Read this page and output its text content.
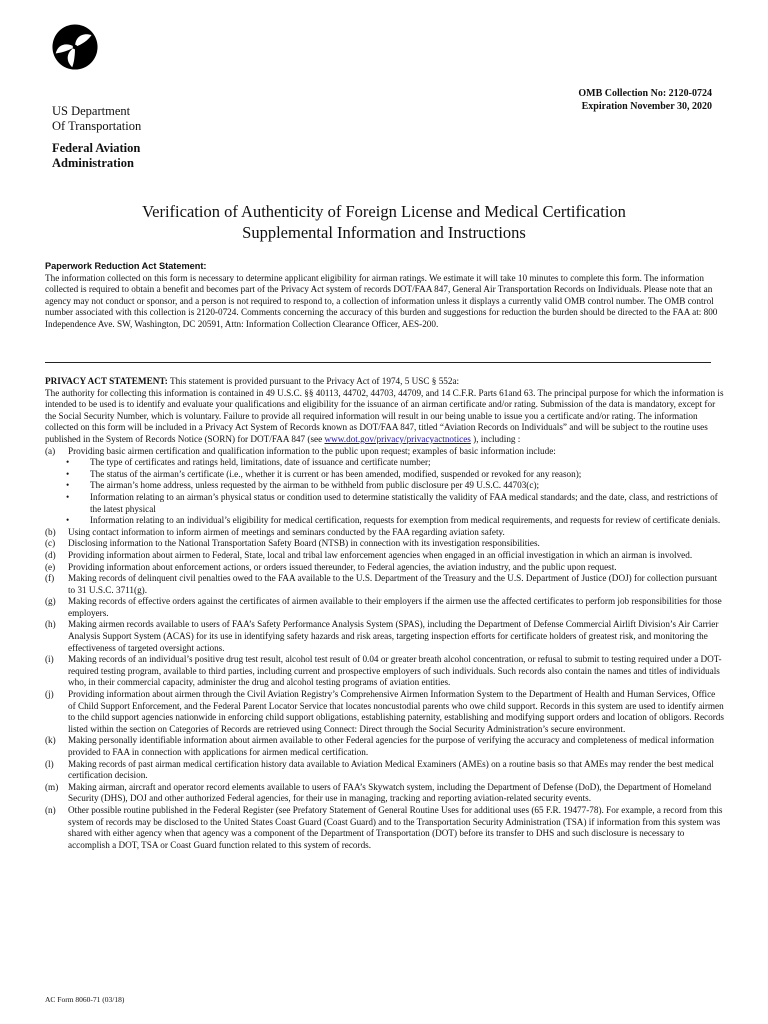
US Department
Of Transportation
Federal Aviation
Administration
OMB Collection No: 2120-0724
Expiration November 30, 2020
Verification of Authenticity of Foreign License and Medical Certification
Supplemental Information and Instructions
Paperwork Reduction Act Statement:
The information collected on this form is necessary to determine applicant eligibility for airman ratings. We estimate it will take 10 minutes to complete this form. The information collected is required to obtain a benefit and becomes part of the Privacy Act system of records DOT/FAA 847, General Air Transportation Records on Individuals. Please note that an agency may not conduct or sponsor, and a person is not required to respond to, a collection of information unless it displays a currently valid OMB control number. The OMB control number associated with this collection is 2120-0724. Comments concerning the accuracy of this burden and suggestions for reduction the burden should be directed to the FAA at: 800 Independence Ave. SW, Washington, DC 20591, Attn: Information Collection Clearance Officer, AES-200.
PRIVACY ACT STATEMENT: This statement is provided pursuant to the Privacy Act of 1974, 5 USC § 552a:
The authority for collecting this information is contained in 49 U.S.C. §§ 40113, 44702, 44703, 44709, and 14 C.F.R. Parts 61and 63. The principal purpose for which the information is intended to be used is to identify and evaluate your qualifications and eligibility for the issuance of an airman certificate and/or rating. Submission of the data is mandatory, except for the Social Security Number, which is voluntary. Failure to provide all required information will result in our being unable to issue you a certificate and/or rating. The information collected on this form will be included in a Privacy Act System of Records known as DOT/FAA 847, titled “Aviation Records on Individuals” and will be subject to the routine uses published in the System of Records Notice (SORN) for DOT/FAA 847 (see www.dot.gov/privacy/privacyactnotices ), including :
(a) Providing basic airmen certification and qualification information to the public upon request; examples of basic information include:
• The type of certificates and ratings held, limitations, date of issuance and certificate number;
• The status of the airman’s certificate (i.e., whether it is current or has been amended, modified, suspended or revoked for any reason);
• The airman’s home address, unless requested by the airman to be withheld from public disclosure per 49 U.S.C. 44703(c);
• Information relating to an airman’s physical status or condition used to determine statistically the validity of FAA medical standards; and the date, class, and restrictions of the latest physical
• Information relating to an individual’s eligibility for medical certification, requests for exemption from medical requirements, and requests for review of certificate denials.
(b) Using contact information to inform airmen of meetings and seminars conducted by the FAA regarding aviation safety.
(c) Disclosing information to the National Transportation Safety Board (NTSB) in connection with its investigation responsibilities.
(d) Providing information about airmen to Federal, State, local and tribal law enforcement agencies when engaged in an official investigation in which an airman is involved.
(e) Providing information about enforcement actions, or orders issued thereunder, to Federal agencies, the aviation industry, and the public upon request.
(f) Making records of delinquent civil penalties owed to the FAA available to the U.S. Department of the Treasury and the U.S. Department of Justice (DOJ) for collection pursuant to 31 U.S.C. 3711(g).
(g) Making records of effective orders against the certificates of airmen available to their employers if the airmen use the affected certificates to perform job responsibilities for those employers.
(h) Making airmen records available to users of FAA’s Safety Performance Analysis System (SPAS), including the Department of Defense Commercial Airlift Division’s Air Carrier Analysis Support System (ACAS) for its use in identifying safety hazards and risk areas, targeting inspection efforts for certificate holders of greatest risk, and monitoring the effectiveness of targeted oversight actions.
(i) Making records of an individual’s positive drug test result, alcohol test result of 0.04 or greater breath alcohol concentration, or refusal to submit to testing required under a DOT-required testing program, available to third parties, including current and prospective employers of such individuals. Such records also contain the names and titles of individuals who, in their commercial capacity, administer the drug and alcohol testing programs of aviation entities.
(j) Providing information about airmen through the Civil Aviation Registry’s Comprehensive Airmen Information System to the Department of Health and Human Services, Office of Child Support Enforcement, and the Federal Parent Locator Service that locates noncustodial parents who owe child support. Records in this system are used to identify airmen to the child support agencies nationwide in enforcing child support obligations, establishing paternity, establishing and modifying support orders and location of obligors. Records listed within the section on Categories of Records are retrieved using Connect: Direct through the Social Security Administration’s secure environment.
(k) Making personally identifiable information about airmen available to other Federal agencies for the purpose of verifying the accuracy and completeness of medical information provided to FAA in connection with applications for airmen medical certification.
(l) Making records of past airman medical certification history data available to Aviation Medical Examiners (AMEs) on a routine basis so that AMEs may render the best medical certification decision.
(m) Making airman, aircraft and operator record elements available to users of FAA’s Skywatch system, including the Department of Defense (DoD), the Department of Homeland Security (DHS), DOJ and other authorized Federal agencies, for their use in managing, tracking and reporting aviation-related security events.
(n) Other possible routine published in the Federal Register (see Prefatory Statement of General Routine Uses for additional uses (65 F.R. 19477-78). For example, a record from this system of records may be disclosed to the United States Coast Guard (Coast Guard) and to the Transportation Security Administration (TSA) if information from this system was shared with either agency when that agency was a component of the Department of Transportation (DOT) before its transfer to DHS and such disclosure is necessary to accomplish a DOT, TSA or Coast Guard function related to this system of records.
AC Form 8060-71 (03/18)
